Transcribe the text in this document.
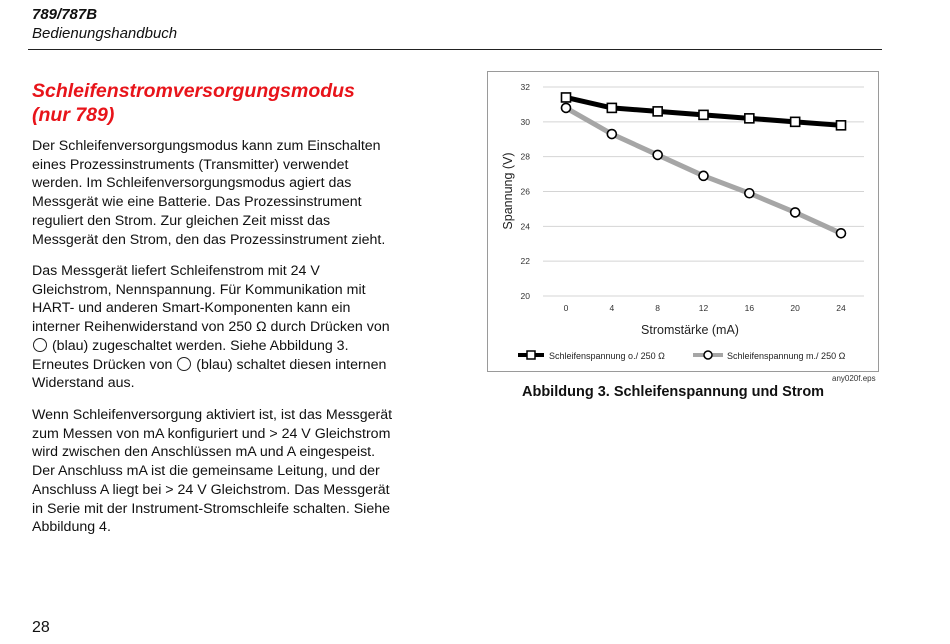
789/787B
Bedienungshandbuch
Schleifenstromversorgungsmodus
(nur 789)

Der Schleifenversorgungsmodus kann zum Einschalten
eines Prozessinstruments (Transmitter) verwendet
werden. Im Schleifenversorgungsmodus agiert das
Messgerät wie eine Batterie. Das Prozessinstrument
reguliert den Strom. Zur gleichen Zeit misst das
Messgerät den Strom, den das Prozessinstrument zieht.

Das Messgerät liefert Schleifenstrom mit 24 V
Gleichstrom, Nennspannung. Für Kommunikation mit
HART- und anderen Smart-Komponenten kann ein
interner Reihenwiderstand von 250 Ω durch Drücken von
(blau) zugeschaltet werden. Siehe Abbildung 3.
Erneutes Drücken von (blau) schaltet diesen internen
Widerstand aus.

Wenn Schleifenversorgung aktiviert ist, ist das Messgerät
zum Messen von mA konfiguriert und > 24 V Gleichstrom
wird zwischen den Anschlüssen mA und A eingespeist.
Der Anschluss mA ist die gemeinsame Leitung, und der
Anschluss A liegt bei > 24 V Gleichstrom. Das Messgerät
in Serie mit der Instrument-Stromschleife schalten. Siehe
Abbildung 4.

20
22
24
26
28
30
32
0	4	8	12	16	20	24
Stromstärke (mA)
Spannung (V)
Schleifenspannung o./ 250 Ω	Schleifenspannung m./ 250 Ω
any020f.eps
Abbildung 3. Schleifenspannung und Strom
28
